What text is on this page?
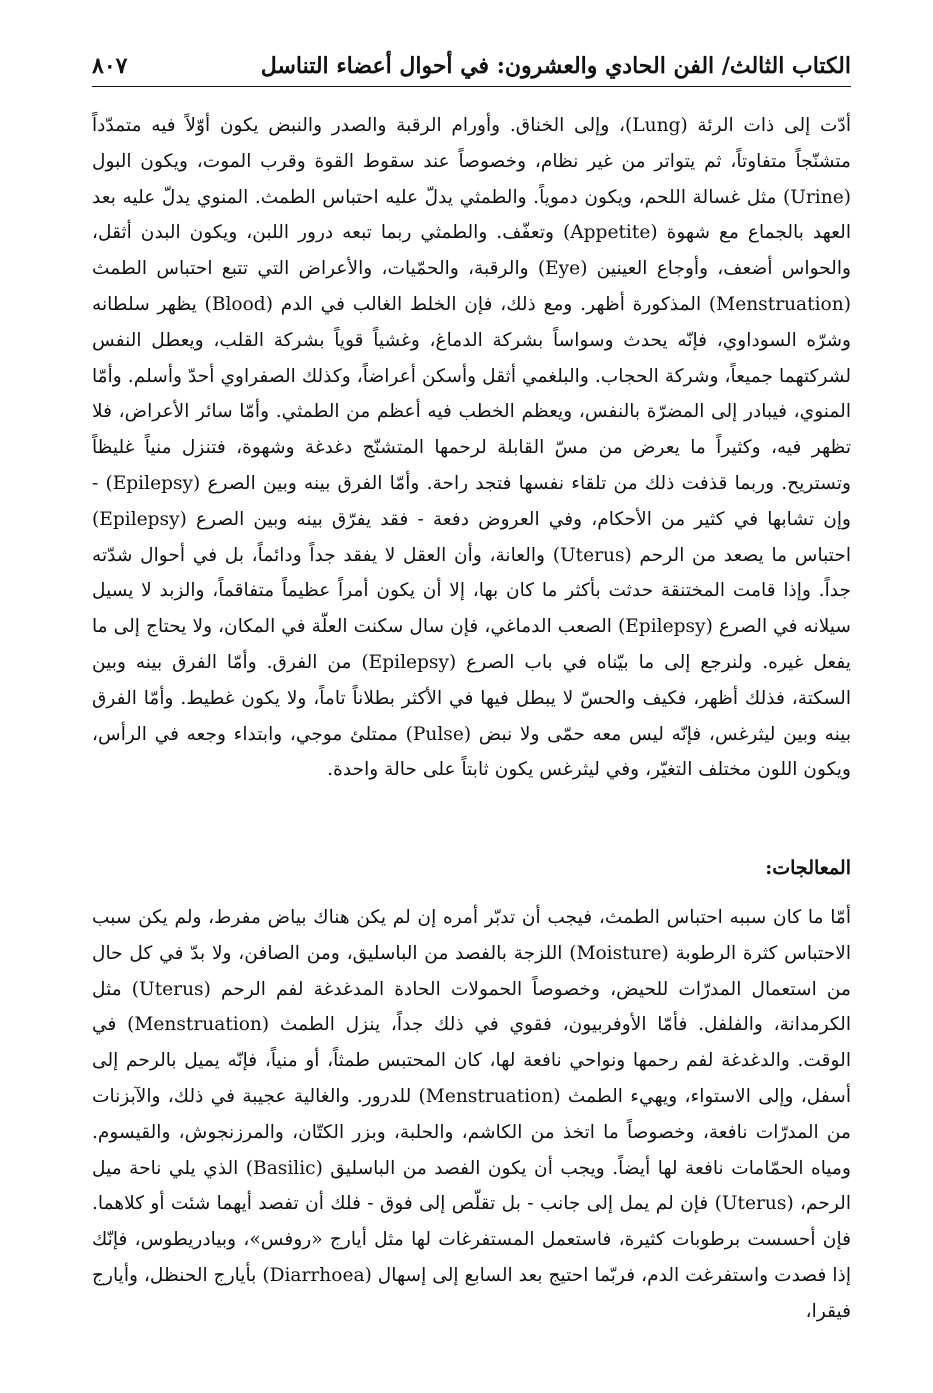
٨٠٧	الكتاب الثالث/ الفن الحادي والعشرون: في أحوال أعضاء التناسل

أدّت إلى ذات الرئة (Lung)، وإلى الخناق. وأورام الرقبة والصدر والنبض يكون أوّلاً فيه متمدّداً متشنّجاً متفاوتاً، ثم يتواتر من غير نظام، وخصوصاً عند سقوط القوة وقرب الموت، ويكون البول (Urine) مثل غسالة اللحم، ويكون دموياً. والطمثي يدلّ عليه احتباس الطمث. المنوي يدلّ عليه بعد العهد بالجماع مع شهوة (Appetite) وتعفّف. والطمثي ربما تبعه درور اللبن، ويكون البدن أثقل، والحواس أضعف، وأوجاع العينين (Eye) والرقبة، والحمّيات، والأعراض التي تتبع احتباس الطمث (Menstruation) المذكورة أظهر. ومع ذلك، فإن الخلط الغالب في الدم (Blood) يظهر سلطانه وشرّه السوداوي، فإنّه يحدث وسواساً بشركة الدماغ، وغشياً قوياً بشركة القلب، ويعطل النفس لشركتهما جميعاً، وشركة الحجاب. والبلغمي أثقل وأسكن أعراضاً، وكذلك الصفراوي أحدّ وأسلم. وأمّا المنوي، فيبادر إلى المضرّة بالنفس، ويعظم الخطب فيه أعظم من الطمثي. وأمّا سائر الأعراض، فلا تظهر فيه، وكثيراً ما يعرض من مسّ القابلة لرحمها المتشنّج دغدغة وشهوة، فتنزل منياً غليظاً وتستريح. وربما قذفت ذلك من تلقاء نفسها فتجد راحة. وأمّا الفرق بينه وبين الصرع (Epilepsy) - وإن تشابها في كثير من الأحكام، وفي العروض دفعة - فقد يفرّق بينه وبين الصرع (Epilepsy) احتباس ما يصعد من الرحم (Uterus) والعانة، وأن العقل لا يفقد جداً ودائماً، بل في أحوال شدّته جداً. وإذا قامت المختنقة حدثت بأكثر ما كان بها، إلا أن يكون أمراً عظيماً متفاقماً، والزبد لا يسيل سيلانه في الصرع (Epilepsy) الصعب الدماغي، فإن سال سكنت العلّة في المكان، ولا يحتاج إلى ما يفعل غيره. ولنرجع إلى ما بيّناه في باب الصرع (Epilepsy) من الفرق. وأمّا الفرق بينه وبين السكتة، فذلك أظهر، فكيف والحسّ لا يبطل فيها في الأكثر بطلاناً تاماً، ولا يكون غطيط. وأمّا الفرق بينه وبين ليثرغس، فإنّه ليس معه حمّى ولا نبض (Pulse) ممتلئ موجي، وابتداء وجعه في الرأس، ويكون اللون مختلف التغيّر، وفي ليثرغس يكون ثابتاً على حالة واحدة.

المعالجات:

أمّا ما كان سببه احتباس الطمث، فيجب أن تدبّر أمره إن لم يكن هناك بياض مفرط، ولم يكن سبب الاحتباس كثرة الرطوبة (Moisture) اللزجة بالفصد من الباسليق، ومن الصافن، ولا بدّ في كل حال من استعمال المدرّات للحيض، وخصوصاً الحمولات الحادة المدغدغة لفم الرحم (Uterus) مثل الكرمدانة، والفلفل. فأمّا الأوفربيون، فقوي في ذلك جداً، ينزل الطمث (Menstruation) في الوقت. والدغدغة لفم رحمها ونواحي نافعة لها، كان المحتبس طمثاً، أو منياً، فإنّه يميل بالرحم إلى أسفل، وإلى الاستواء، ويهيء الطمث (Menstruation) للدرور. والغالية عجيبة في ذلك، والآبزنات من المدرّات نافعة، وخصوصاً ما اتخذ من الكاشم، والحلبة، وبزر الكتّان، والمرزنجوش، والقيسوم. ومياه الحمّامات نافعة لها أيضاً. ويجب أن يكون الفصد من الباسليق (Basilic) الذي يلي ناحة ميل الرحم، (Uterus) فإن لم يمل إلى جانب - بل تقلّص إلى فوق - فلك أن تفصد أيهما شئت أو كلاهما. فإن أحسست برطوبات كثيرة، فاستعمل المستفرغات لها مثل أيارج «روفس»، وبيادريطوس، فإنّك إذا فصدت واستفرغت الدم، فربّما احتيج بعد السابع إلى إسهال (Diarrhoea) بأيارج الحنظل، وأيارج فيقرا،
